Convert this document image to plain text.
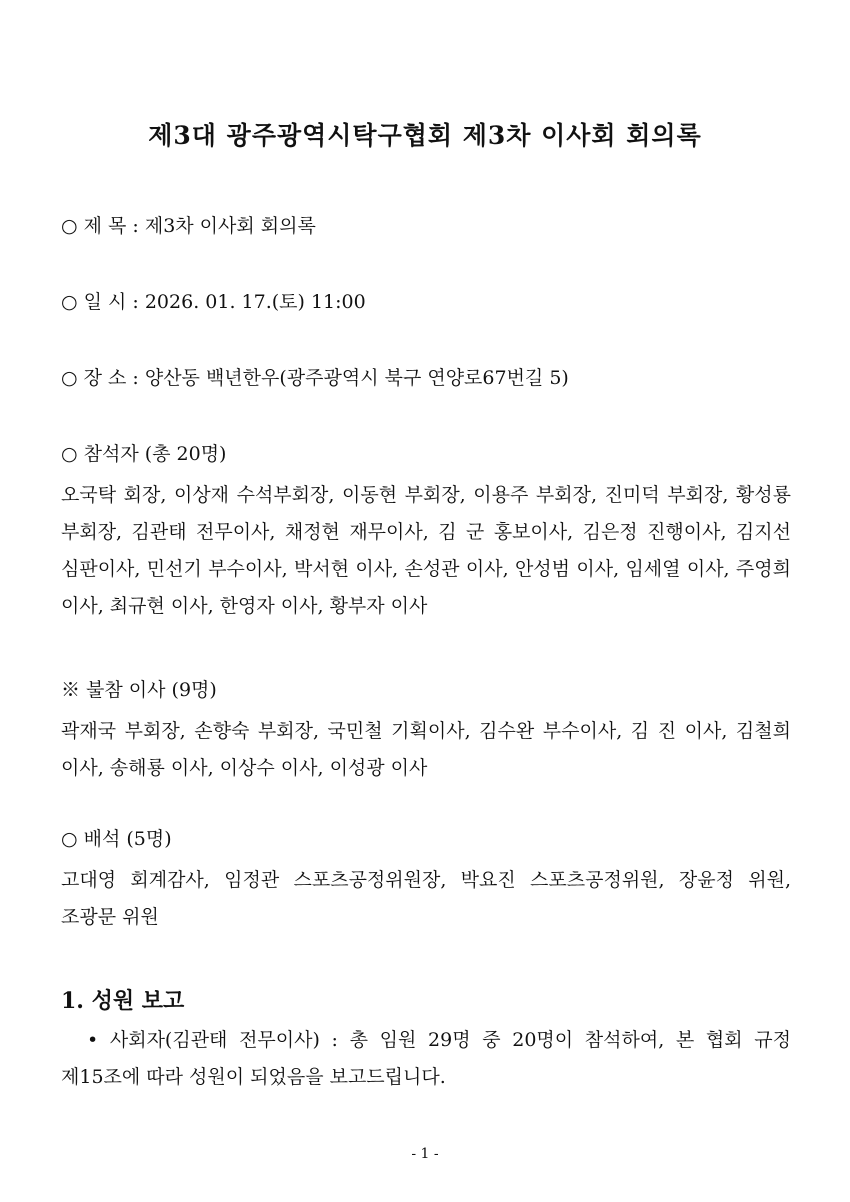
제3대 광주광역시탁구협회 제3차 이사회 회의록
○ 제 목 : 제3차 이사회 회의록
○ 일 시 : 2026. 01. 17.(토) 11:00
○ 장 소 : 양산동 백년한우(광주광역시 북구 연양로67번길 5)
○ 참석자 (총 20명)
오국탁 회장, 이상재 수석부회장, 이동현 부회장, 이용주 부회장, 진미덕 부회장, 황성룡 부회장, 김관태 전무이사, 채정현 재무이사, 김 군 홍보이사, 김은정 진행이사, 김지선 심판이사, 민선기 부수이사, 박서현 이사, 손성관 이사, 안성범 이사, 임세열 이사, 주영희 이사, 최규현 이사, 한영자 이사, 황부자 이사
※ 불참 이사 (9명)
곽재국 부회장, 손향숙 부회장, 국민철 기획이사, 김수완 부수이사, 김 진 이사, 김철희 이사, 송해룡 이사, 이상수 이사, 이성광 이사
○ 배석 (5명)
고대영 회계감사, 임정관 스포츠공정위원장, 박요진 스포츠공정위원, 장윤정 위원, 조광문 위원
1. 성원 보고
• 사회자(김관태 전무이사) : 총 임원 29명 중 20명이 참석하여, 본 협회 규정 제15조에 따라 성원이 되었음을 보고드립니다.
- 1 -
